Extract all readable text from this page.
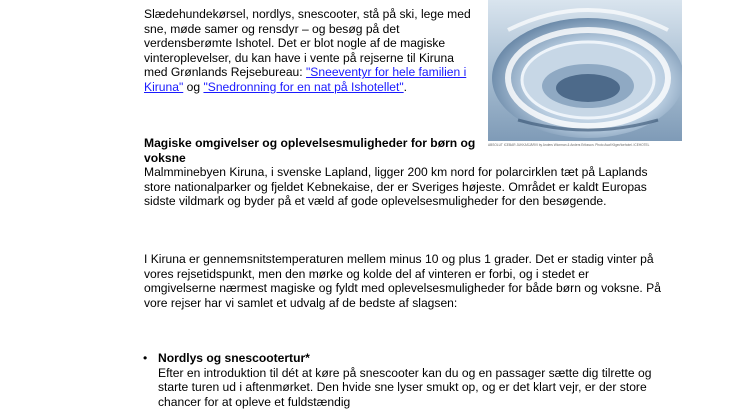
Slædehundekørsel, nordlys, snescooter, stå på ski, lege med sne, møde samer og rensdyr – og besøg på det verdensberømte Ishotel. Det er blot nogle af de magiske vinteroplevelser, du kan have i vente på rejserne til Kiruna med Grønlands Rejsebureau: "Sneeventyr for hele familien i Kiruna" og "Snedronning for en nat på Ishotellet".

ABSOLUT ICEBAR JUKKASJÄRVI by Anders Wiorman & Anders Eriksson. Photo Asaf Kliger/Icehotel. ICEHOTEL

Magiske omgivelser og oplevelsesmuligheder for børn og voksne

Malmminebyen Kiruna, i svenske Lapland, ligger 200 km nord for polarcirklen tæt på Laplands store nationalparker og fjeldet Kebnekaise, der er Sveriges højeste. Området er kaldt Europas sidste vildmark og byder på et væld af gode oplevelsesmuligheder for den besøgende.

I Kiruna er gennemsnitstemperaturen mellem minus 10 og plus 1 grader. Det er stadig vinter på vores rejsetidspunkt, men den mørke og kolde del af vinteren er forbi, og i stedet er omgivelserne nærmest magiske og fyldt med oplevelsesmuligheder for både børn og voksne. På vore rejser har vi samlet et udvalg af de bedste af slagsen:

• Nordlys og snescootertur*
Efter en introduktion til dét at køre på snescooter kan du og en passager sætte dig tilrette og starte turen ud i aftenmørket. Den hvide sne lyser smukt op, og er det klart vejr, er der store chancer for at opleve et fuldstændig
